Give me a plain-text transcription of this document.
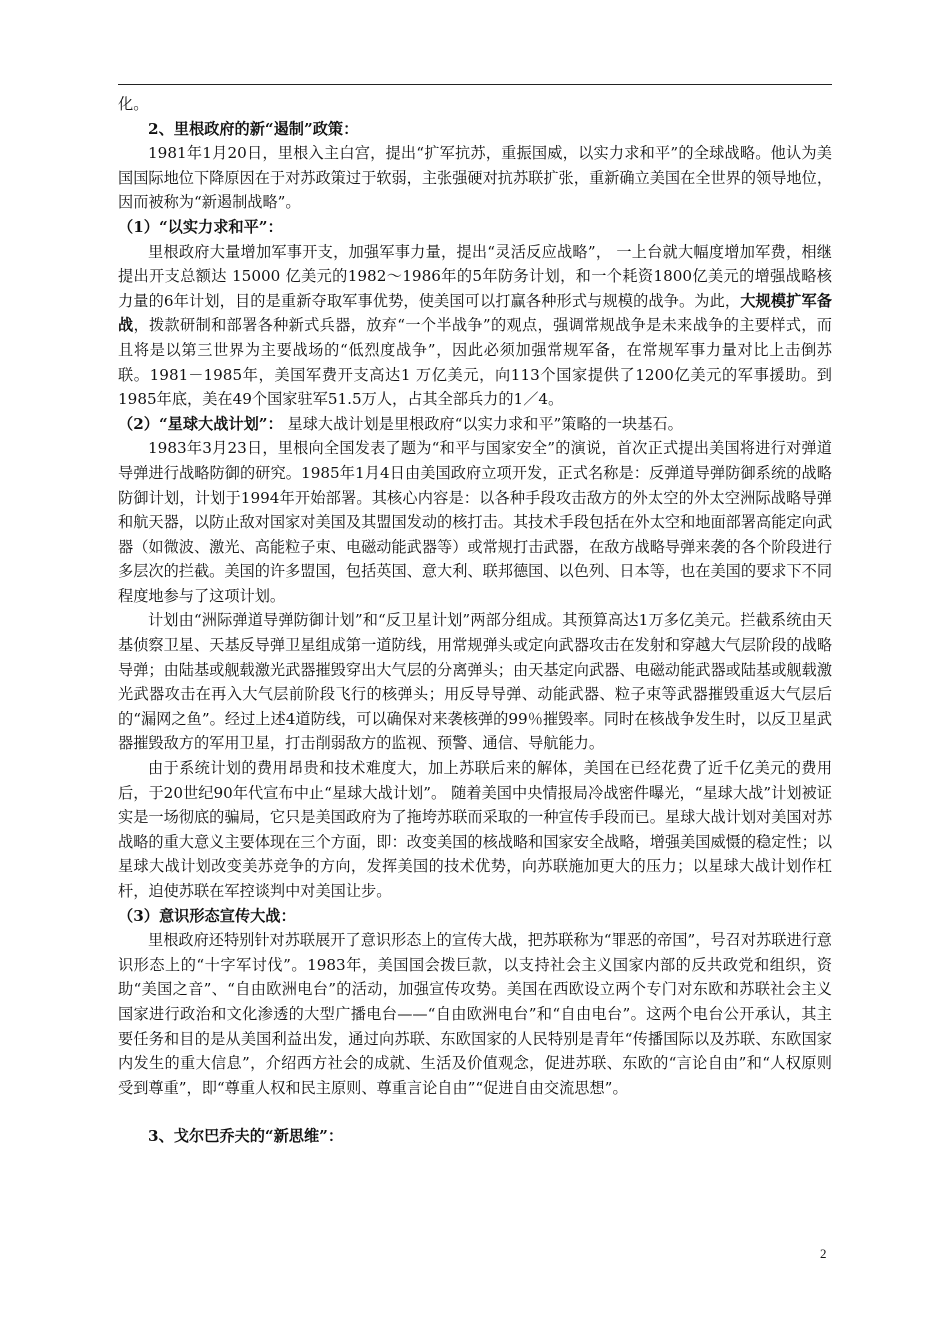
化。

2、里根政府的新“遏制”政策：

1981年1月20日，里根入主白宫，提出“扩军抗苏，重振国威，以实力求和平”的全球战略。他认为美国国际地位下降原因在于对苏政策过于软弱，主张强硬对抗苏联扩张，重新确立美国在全世界的领导地位，因而被称为“新遏制战略”。

（1）“以实力求和平”：

里根政府大量增加军事开支，加强军事力量，提出“灵活反应战略”， 一上台就大幅度增加军费，相继提出开支总额达 15000 亿美元的1982～1986年的5年防务计划，和一个耗资1800亿美元的增强战略核力量的6年计划，目的是重新夺取军事优势，使美国可以打赢各种形式与规模的战争。为此，大规模扩军备战，拨款研制和部署各种新式兵器，放弃“一个半战争”的观点，强调常规战争是未来战争的主要样式，而且将是以第三世界为主要战场的“低烈度战争”，因此必须加强常规军备，在常规军事力量对比上击倒苏联。1981－1985年，美国军费开支高达1 万亿美元，向113个国家提供了1200亿美元的军事援助。到1985年底，美在49个国家驻军51.5万人，占其全部兵力的1／4。

（2）“星球大战计划”： 星球大战计划是里根政府“以实力求和平”策略的一块基石。

1983年3月23日，里根向全国发表了题为“和平与国家安全”的演说，首次正式提出美国将进行对弹道导弹进行战略防御的研究。1985年1月4日由美国政府立项开发，正式名称是：反弹道导弹防御系统的战略防御计划，计划于1994年开始部署。其核心内容是：以各种手段攻击敌方的外太空的外太空洲际战略导弹和航天器，以防止敌对国家对美国及其盟国发动的核打击。其技术手段包括在外太空和地面部署高能定向武器（如微波、激光、高能粒子束、电磁动能武器等）或常规打击武器，在敌方战略导弹来袭的各个阶段进行多层次的拦截。美国的许多盟国，包括英国、意大利、联邦德国、以色列、日本等，也在美国的要求下不同程度地参与了这项计划。

计划由“洲际弹道导弹防御计划”和“反卫星计划”两部分组成。其预算高达1万多亿美元。拦截系统由天基侦察卫星、天基反导弹卫星组成第一道防线，用常规弹头或定向武器攻击在发射和穿越大气层阶段的战略导弹；由陆基或舰载激光武器摧毁穿出大气层的分离弹头；由天基定向武器、电磁动能武器或陆基或舰载激光武器攻击在再入大气层前阶段飞行的核弹头；用反导导弹、动能武器、粒子束等武器摧毁重返大气层后的“漏网之鱼”。经过上述4道防线，可以确保对来袭核弹的99％摧毁率。同时在核战争发生时，以反卫星武器摧毁敌方的军用卫星，打击削弱敌方的监视、预警、通信、导航能力。

由于系统计划的费用昂贵和技术难度大，加上苏联后来的解体，美国在已经花费了近千亿美元的费用后，于20世纪90年代宣布中止“星球大战计划”。 随着美国中央情报局冷战密件曝光，“星球大战”计划被证实是一场彻底的骗局，它只是美国政府为了拖垮苏联而采取的一种宣传手段而已。星球大战计划对美国对苏战略的重大意义主要体现在三个方面，即：改变美国的核战略和国家安全战略，增强美国威慑的稳定性；以星球大战计划改变美苏竞争的方向，发挥美国的技术优势，向苏联施加更大的压力；以星球大战计划作杠杆，迫使苏联在军控谈判中对美国让步。

（3）意识形态宣传大战：

里根政府还特别针对苏联展开了意识形态上的宣传大战，把苏联称为“罪恶的帝国”，号召对苏联进行意识形态上的“十字军讨伐”。1983年，美国国会拨巨款，以支持社会主义国家内部的反共政党和组织，资助“美国之音”、“自由欧洲电台”的活动，加强宣传攻势。美国在西欧设立两个专门对东欧和苏联社会主义国家进行政治和文化渗透的大型广播电台——“自由欧洲电台”和“自由电台”。这两个电台公开承认，其主要任务和目的是从美国利益出发，通过向苏联、东欧国家的人民特别是青年“传播国际以及苏联、东欧国家内发生的重大信息”，介绍西方社会的成就、生活及价值观念，促进苏联、东欧的“言论自由”和“人权原则受到尊重”，即“尊重人权和民主原则、尊重言论自由”“促进自由交流思想”。

3、戈尔巴乔夫的“新思维”：

2
